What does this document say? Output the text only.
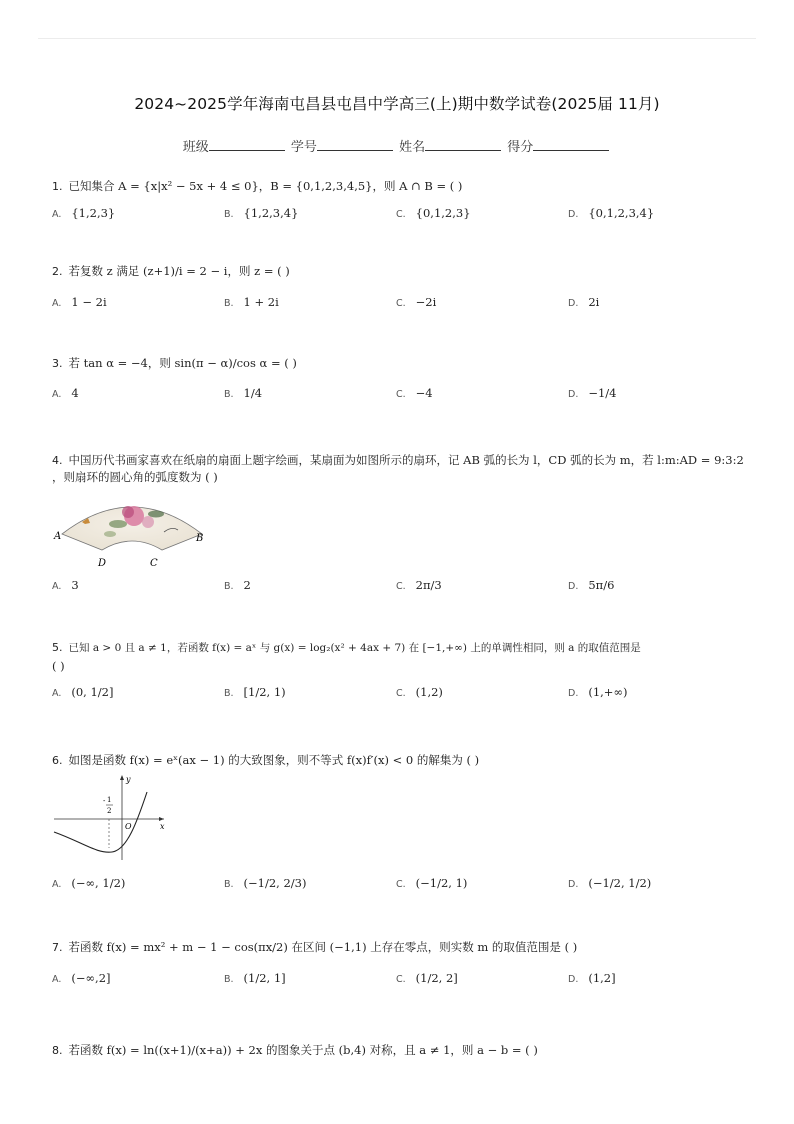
2024~2025学年海南屯昌县屯昌中学高三(上)期中数学试卷(2025届 11月)
班级	学号	姓名	得分
1. 已知集合 A = {x|x² − 5x + 4 ≤ 0}，B = {0,1,2,3,4,5}，则 A ∩ B = ( )
A. {1,2,3}	B. {1,2,3,4}	C. {0,1,2,3}	D. {0,1,2,3,4}
2. 若复数 z 满足 (z+1)/i = 2 − i，则 z = ( )
A. 1 − 2i	B. 1 + 2i	C. −2i	D. 2i
3. 若 tan α = −4，则 sin(π − α)/cos α = ( )
A. 4	B. 1/4	C. −4	D. −1/4
4. 中国历代书画家喜欢在纸扇的扇面上题字绘画，某扇面为如图所示的扇环，记 AB 弧的长为 l，CD 弧的长为 m，若 l:m:AD = 9:3:2
，则扇环的圆心角的弧度数为 ( )
A	B
D	C
A. 3	B. 2	C. 2π/3	D. 5π/6
5. 已知 a > 0 且 a ≠ 1，若函数 f(x) = aˣ 与 g(x) = log₂(x² + 4ax + 7) 在 [−1,+∞) 上的单调性相同，则 a 的取值范围是
( )
A. (0, 1/2]	B. [1/2, 1)	C. (1,2)	D. (1,+∞)
6. 如图是函数 f(x) = eˣ(ax − 1) 的大致图象，则不等式 f(x)f′(x) < 0 的解集为 ( )
y
x
O
- 1
2
A. (−∞, 1/2)	B. (−1/2, 2/3)	C. (−1/2, 1)	D. (−1/2, 1/2)
7. 若函数 f(x) = mx² + m − 1 − cos(πx/2) 在区间 (−1,1) 上存在零点，则实数 m 的取值范围是 ( )
A. (−∞,2]	B. (1/2, 1]	C. (1/2, 2]	D. (1,2]
8. 若函数 f(x) = ln((x+1)/(x+a)) + 2x 的图象关于点 (b,4) 对称，且 a ≠ 1，则 a − b = ( )
